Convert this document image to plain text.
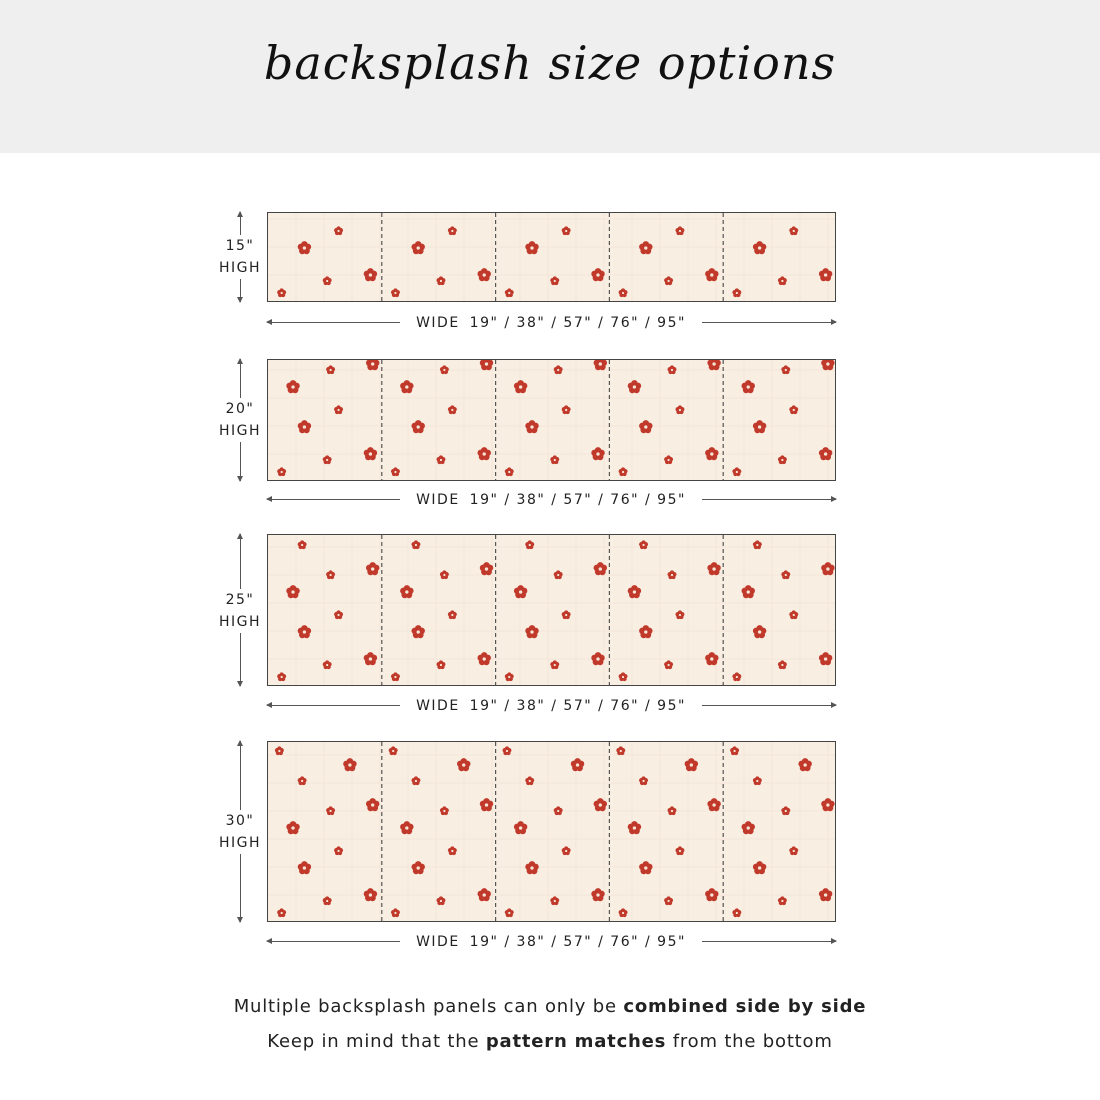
backsplash size options
15"
HIGH
WIDE 19" / 38" / 57" / 76" / 95"
20"
HIGH
WIDE 19" / 38" / 57" / 76" / 95"
25"
HIGH
WIDE 19" / 38" / 57" / 76" / 95"
30"
HIGH
WIDE 19" / 38" / 57" / 76" / 95"
Multiple backsplash panels can only be combined side by side
Keep in mind that the pattern matches from the bottom
